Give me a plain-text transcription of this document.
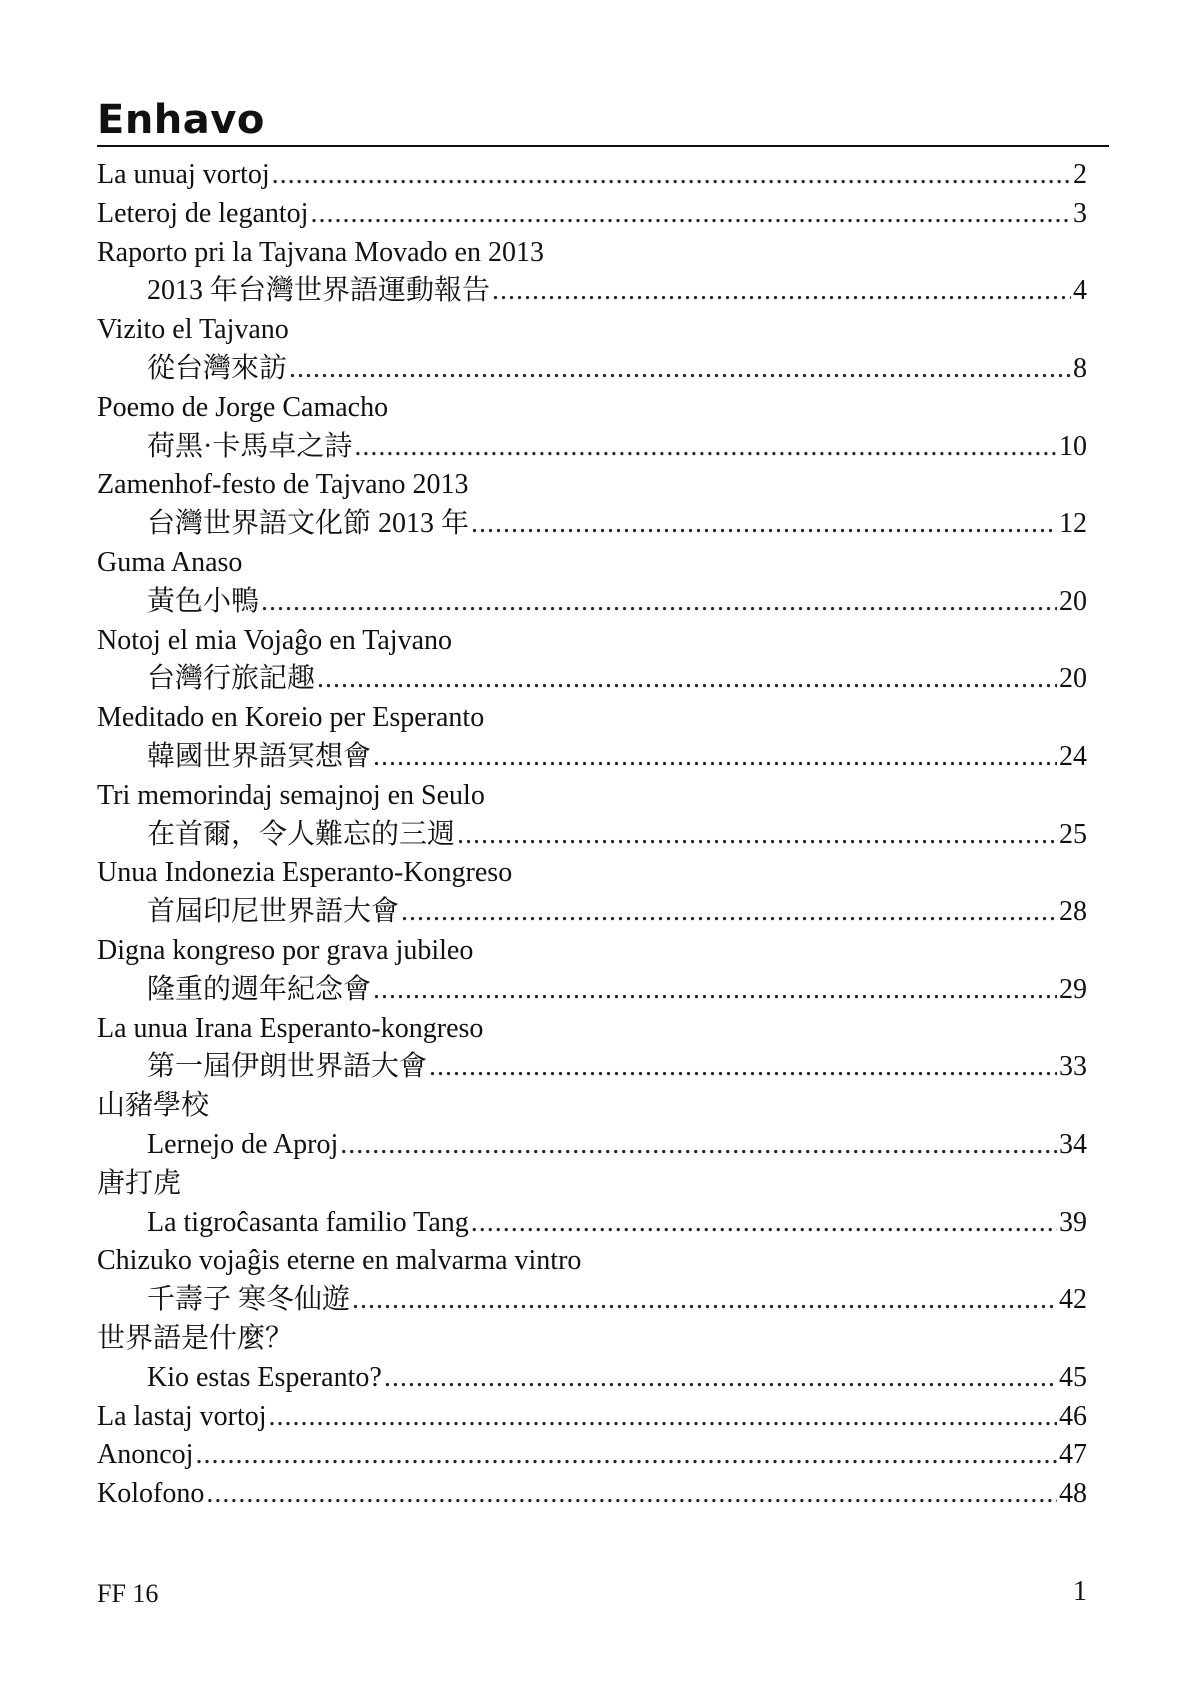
Enhavo
La unuaj vortoj .....	2
Leteroj de legantoj .....	3
Raporto pri la Tajvana Movado en 2013
2013 年台灣世界語運動報告 .....	4
Vizito el Tajvano
從台灣來訪 .....	8
Poemo de Jorge Camacho
荷黑·卡馬卓之詩 .....	10
Zamenhof-festo de Tajvano 2013
台灣世界語文化節 2013 年 .....	12
Guma Anaso
黃色小鴨 .....	20
Notoj el mia Vojaĝo en Tajvano
台灣行旅記趣 .....	20
Meditado en Koreio per Esperanto
韓國世界語冥想會 .....	24
Tri memorindaj semajnoj en Seulo
在首爾，令人難忘的三週 .....	25
Unua Indonezia Esperanto-Kongreso
首屆印尼世界語大會 .....	28
Digna kongreso por grava jubileo
隆重的週年紀念會 .....	29
La unua Irana Esperanto-kongreso
第一屆伊朗世界語大會 .....	33
山豬學校
Lernejo de Aproj .....	34
唐打虎
La tigroĉasanta familio Tang .....	39
Chizuko vojaĝis eterne en malvarma vintro
千壽子 寒冬仙遊 .....	42
世界語是什麼？
Kio estas Esperanto? .....	45
La lastaj vortoj .....	46
Anoncoj .....	47
Kolofono .....	48
FF 16	1
